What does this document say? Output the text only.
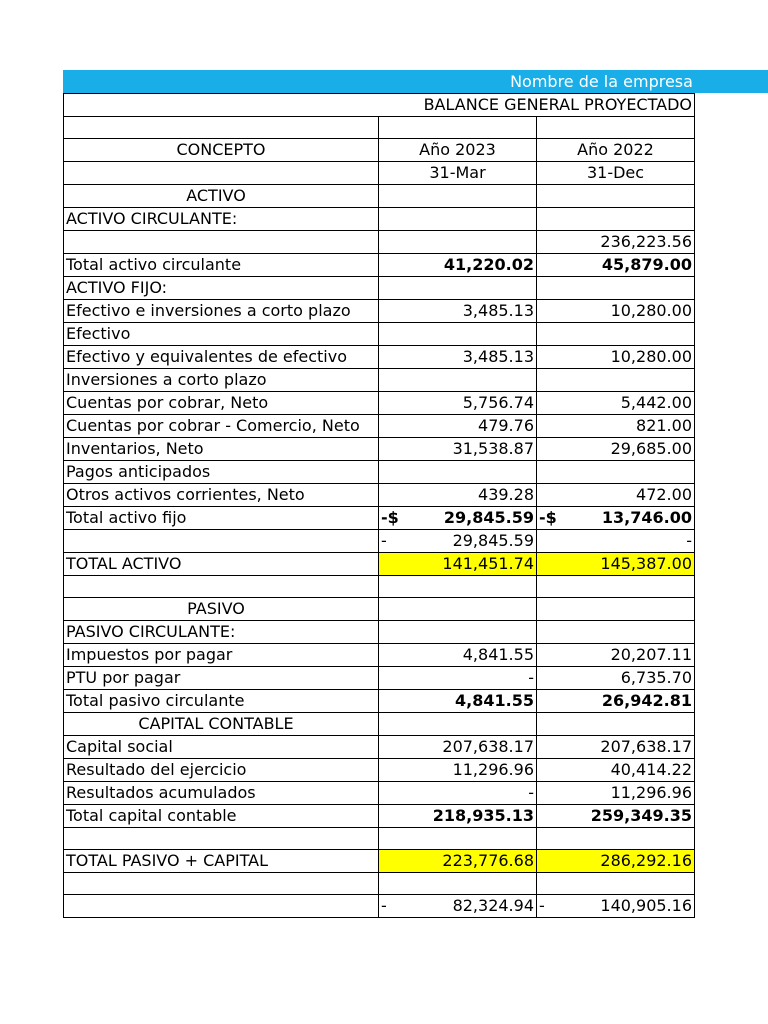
Nombre de la empresa
BALANCE GENERAL PROYECTADO		

CONCEPTO	Año 2023	Año 2022
	31-Mar	31-Dec
ACTIVO		
ACTIVO CIRCULANTE:		
		236,223.56
Total activo circulante	41,220.02	45,879.00
ACTIVO FIJO:		
Efectivo e inversiones a corto plazo	3,485.13	10,280.00
Efectivo		
Efectivo y equivalentes de efectivo	3,485.13	10,280.00
Inversiones a corto plazo		
Cuentas por cobrar, Neto	5,756.74	5,442.00
Cuentas por cobrar - Comercio, Neto	479.76	821.00
Inventarios, Neto	31,538.87	29,685.00
Pagos anticipados		
Otros activos corrientes, Neto	439.28	472.00
Total activo fijo	-$ 29,845.59	-$ 13,746.00

	- 29,845.59	-
TOTAL ACTIVO	141,451.74	145,387.00

PASIVO		
PASIVO CIRCULANTE:		
Impuestos por pagar	4,841.55	20,207.11
PTU por pagar	-	6,735.70
Total pasivo circulante	4,841.55	26,942.81
CAPITAL CONTABLE		
Capital social	207,638.17	207,638.17
Resultado del ejercicio	11,296.96	40,414.22
Resultados acumulados	-	11,296.96
Total capital contable	218,935.13	259,349.35

TOTAL PASIVO + CAPITAL	223,776.68	286,292.16

	- 82,324.94	- 140,905.16
